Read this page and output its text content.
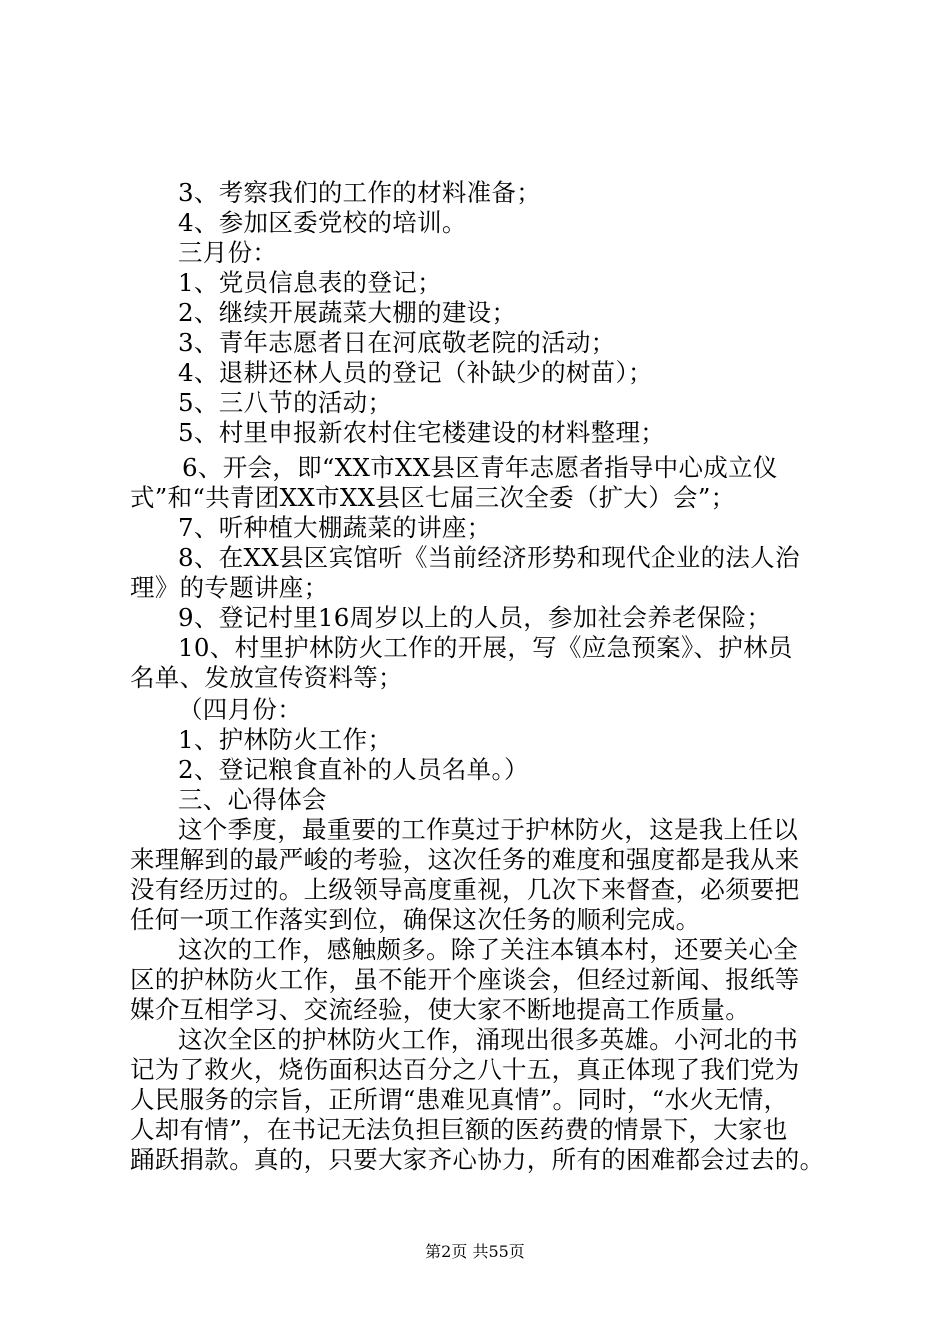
3、考察我们的工作的材料准备；
4、参加区委党校的培训。
三月份：
1、党员信息表的登记；
2、继续开展蔬菜大棚的建设；
3、青年志愿者日在河底敬老院的活动；
4、退耕还林人员的登记（补缺少的树苗）；
5、三八节的活动；
5、村里申报新农村住宅楼建设的材料整理；
6、开会，即“XX市XX县区青年志愿者指导中心成立仪
式”和“共青团XX市XX县区七届三次全委（扩大）会”；
7、听种植大棚蔬菜的讲座；
8、在XX县区宾馆听《当前经济形势和现代企业的法人治
理》的专题讲座；
9、登记村里16周岁以上的人员，参加社会养老保险；
10、村里护林防火工作的开展，写《应急预案》、护林员
名单、发放宣传资料等；
（四月份：
1、护林防火工作；
2、登记粮食直补的人员名单。）
三、心得体会
这个季度，最重要的工作莫过于护林防火，这是我上任以
来理解到的最严峻的考验，这次任务的难度和强度都是我从来
没有经历过的。上级领导高度重视，几次下来督查，必须要把
任何一项工作落实到位，确保这次任务的顺利完成。
这次的工作，感触颇多。除了关注本镇本村，还要关心全
区的护林防火工作，虽不能开个座谈会，但经过新闻、报纸等
媒介互相学习、交流经验，使大家不断地提高工作质量。
这次全区的护林防火工作，涌现出很多英雄。小河北的书
记为了救火，烧伤面积达百分之八十五，真正体现了我们党为
人民服务的宗旨，正所谓“患难见真情”。同时，“水火无情，
人却有情”，在书记无法负担巨额的医药费的情景下，大家也
踊跃捐款。真的，只要大家齐心协力，所有的困难都会过去的。
第2页 共55页
